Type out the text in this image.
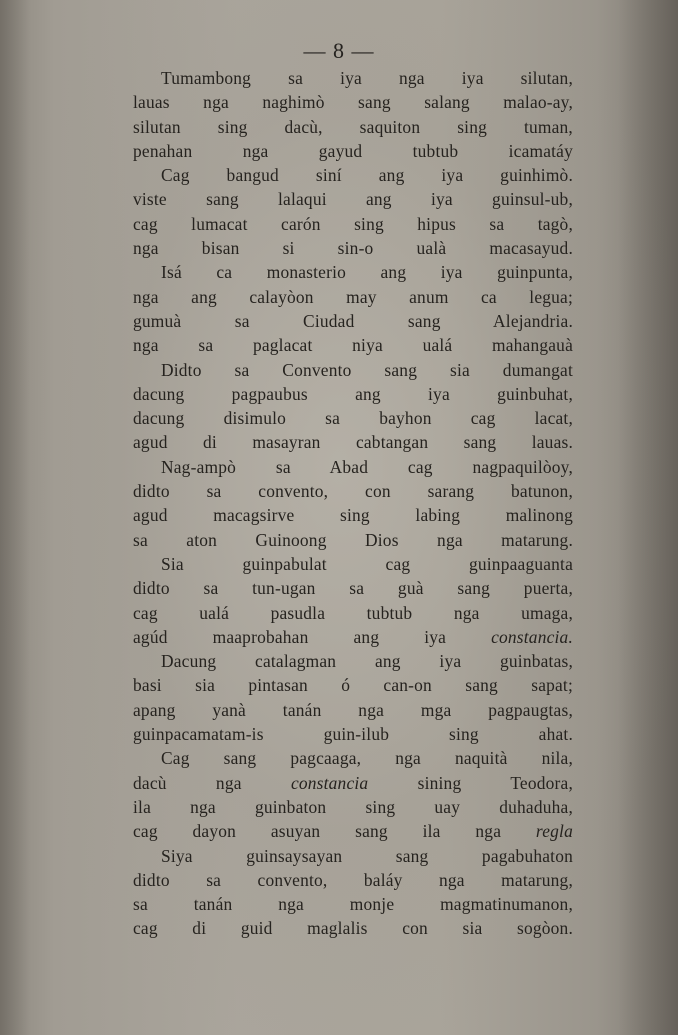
— 8 —
Tumambong sa iya nga iya silutan,
lauas nga naghimò sang salang malao-ay,
silutan sing dacù, saquiton sing tuman,
penahan nga gayud tubtub icamatáy
Cag bangud siní ang iya guinhimò.
viste sang lalaqui ang iya guinsul-ub,
cag lumacat carón sing hipus sa tagò,
nga bisan si sin-o ualà macasayud.
Isá ca monasterio ang iya guinpunta,
nga ang calayòon may anum ca legua;
gumuà sa Ciudad sang Alejandria.
nga sa paglacat niya ualá mahangauà
Didto sa Convento sang sia dumangat
dacung pagpaubus ang iya guinbuhat,
dacung disimulo sa bayhon cag lacat,
agud di masayran cabtangan sang lauas.
Nag-ampò sa Abad cag nagpaquilòoy,
didto sa convento, con sarang batunon,
agud macagsirve sing labing malinong
sa aton Guinoong Dios nga matarung.
Sia guinpabulat cag guinpaaguanta
didto sa tun-ugan sa guà sang puerta,
cag ualá pasudla tubtub nga umaga,
agúd maaprobahan ang iya constancia.
Dacung catalagman ang iya guinbatas,
basi sia pintasan ó can-on sang sapat;
apang yanà tanán nga mga pagpaugtas,
guinpacamatam-is guin-ilub sing ahat.
Cag sang pagcaaga, nga naquità nila,
dacù nga constancia sining Teodora,
ila nga guinbaton sing uay duhaduha,
cag dayon asuyan sang ila nga regla
Siya guinsaysayan sang pagabuhaton
didto sa convento, baláy nga matarung,
sa tanán nga monje magmatinumanon,
cag di guid maglalis con sia sogòon.
